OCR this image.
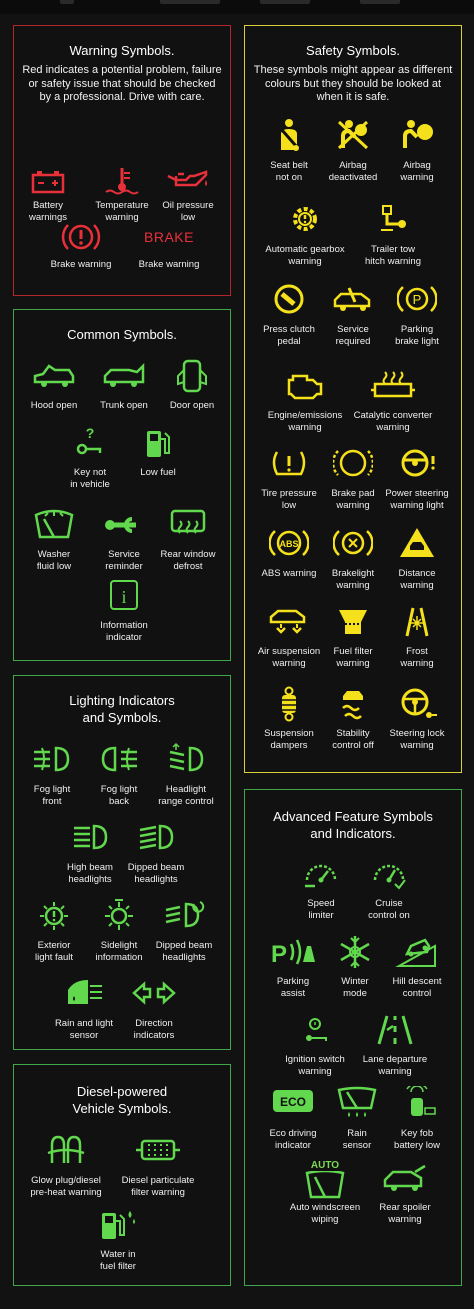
Warning Symbols.
Red indicates a potential problem, failure or safety issue that should be checked by a professional. Drive with care.
Battery
warnings
Temperature
warning
Oil pressure
low
Brake warning
BRAKE
Brake warning
Safety Symbols.
These symbols might appear as different colours but they should be looked at when it is safe.
Seat belt
not on
Airbag
deactivated
Airbag
warning
Automatic gearbox
warning
Trailer tow
hitch warning
Press clutch
pedal
Service
required
P
Parking
brake light
Engine/emissions
warning
Catalytic converter
warning
Tire pressure
low
Brake pad
warning
Power steering
warning light
ABS
ABS warning	Brakelight
warning
Distance
warning
Air suspension
warning
Fuel filter
warning
Frost
warning
Suspension
dampers
Stability
control off
Steering lock
warning
Common Symbols.
Hood open	Trunk open	Door open
?
Key not
in vehicle
Low fuel
Washer
fluid low
Service
reminder
Rear window
defrost
i
Information
indicator
Lighting Indicators
and Symbols.
Fog light
front
Fog light
back
Headlight
range control
High beam
headlights
Dipped beam
headlights
Exterior
light fault
Sidelight
information
Dipped beam
headlights
Rain and light
sensor
Direction
indicators
Diesel-powered
Vehicle Symbols.
Glow plug/diesel
pre-heat warning
Diesel particulate
filter warning
Water in
fuel filter
Advanced Feature Symbols
and Indicators.
Speed
limiter
Cruise
control on
P
Parking
assist
Winter
mode
Hill descent
control
Ignition switch
warning
Lane departure
warning
ECO
Eco driving
indicator
Rain
sensor
Key fob
battery low
AUTO
Auto windscreen
wiping
Rear spoiler
warning
